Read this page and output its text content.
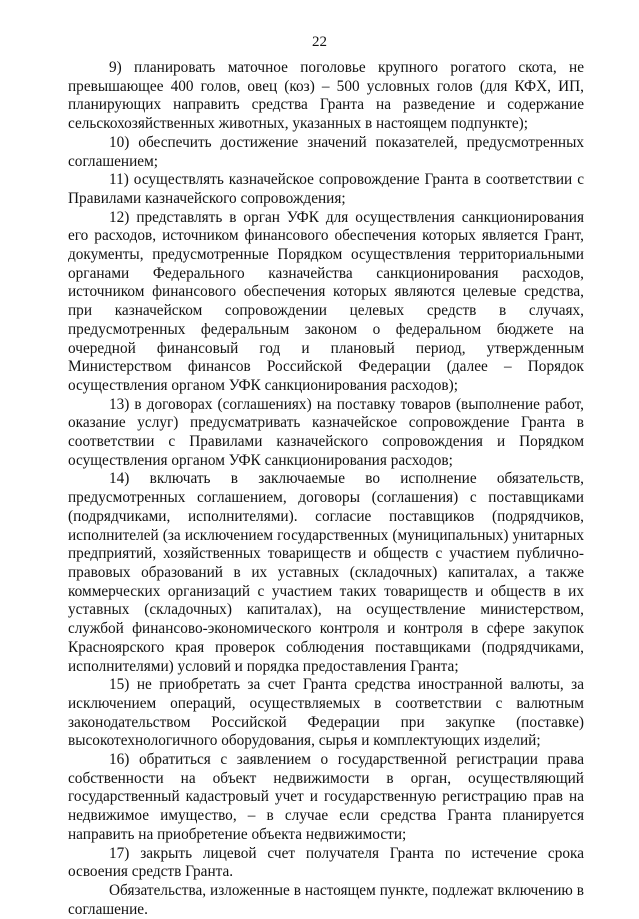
22

9) планировать маточное поголовье крупного рогатого скота, не превышающее 400 голов, овец (коз) – 500 условных голов (для КФХ, ИП, планирующих направить средства Гранта на разведение и содержание сельскохозяйственных животных, указанных в настоящем подпункте);

10) обеспечить достижение значений показателей, предусмотренных соглашением;

11) осуществлять казначейское сопровождение Гранта в соответствии с Правилами казначейского сопровождения;

12) представлять в орган УФК для осуществления санкционирования его расходов, источником финансового обеспечения которых является Грант, документы, предусмотренные Порядком осуществления территориальными органами Федерального казначейства санкционирования расходов, источником финансового обеспечения которых являются целевые средства, при казначейском сопровождении целевых средств в случаях, предусмотренных федеральным законом о федеральном бюджете на очередной финансовый год и плановый период, утвержденным Министерством финансов Российской Федерации (далее – Порядок осуществления органом УФК санкционирования расходов);

13) в договорах (соглашениях) на поставку товаров (выполнение работ, оказание услуг) предусматривать казначейское сопровождение Гранта в соответствии с Правилами казначейского сопровождения и Порядком осуществления органом УФК санкционирования расходов;

14) включать в заключаемые во исполнение обязательств, предусмотренных соглашением, договоры (соглашения) с поставщиками (подрядчиками, исполнителями). согласие поставщиков (подрядчиков, исполнителей (за исключением государственных (муниципальных) унитарных предприятий, хозяйственных товариществ и обществ с участием публично-правовых образований в их уставных (складочных) капиталах, а также коммерческих организаций с участием таких товариществ и обществ в их уставных (складочных) капиталах), на осуществление министерством, службой финансово-экономического контроля и контроля в сфере закупок Красноярского края проверок соблюдения поставщиками (подрядчиками, исполнителями) условий и порядка предоставления Гранта;

15) не приобретать за счет Гранта средства иностранной валюты, за исключением операций, осуществляемых в соответствии с валютным законодательством Российской Федерации при закупке (поставке) высокотехнологичного оборудования, сырья и комплектующих изделий;

16) обратиться с заявлением о государственной регистрации права собственности на объект недвижимости в орган, осуществляющий государственный кадастровый учет и государственную регистрацию прав на недвижимое имущество, – в случае если средства Гранта планируется направить на приобретение объекта недвижимости;

17) закрыть лицевой счет получателя Гранта по истечение срока освоения средств Гранта.

Обязательства, изложенные в настоящем пункте, подлежат включению в соглашение.
